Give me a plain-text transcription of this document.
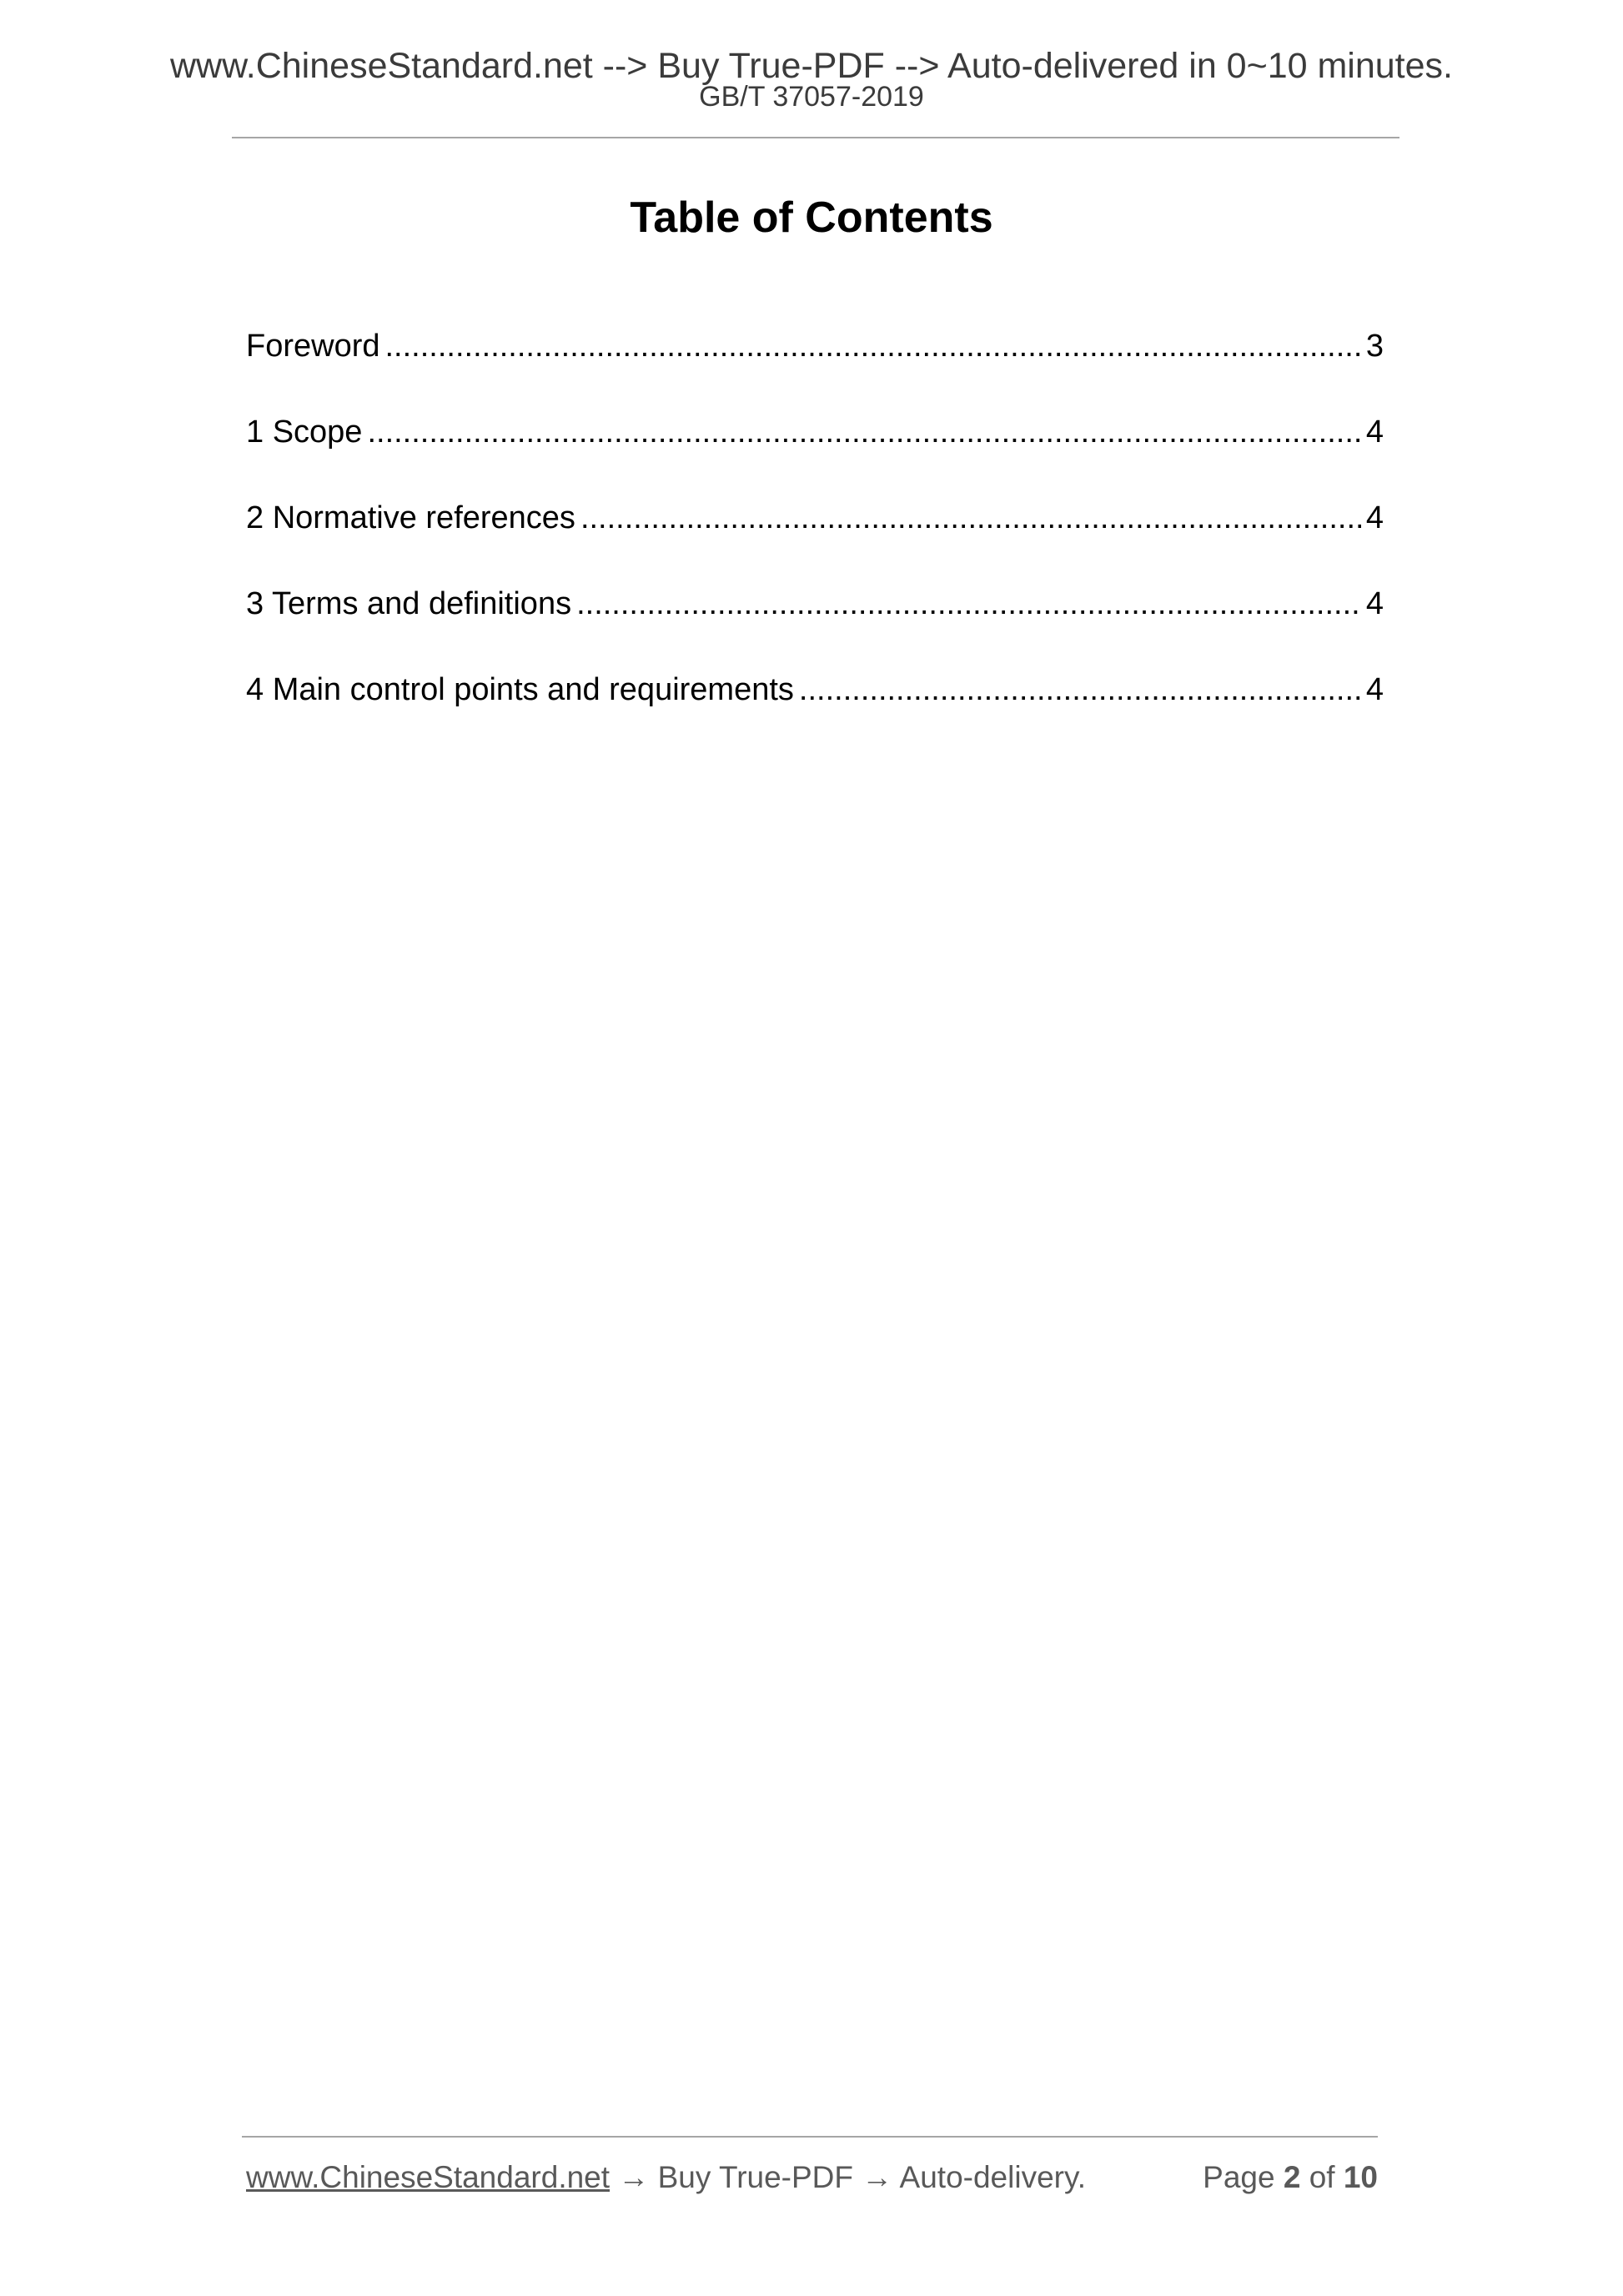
www.ChineseStandard.net --> Buy True-PDF --> Auto-delivered in 0~10 minutes.
GB/T 37057-2019
Table of Contents
Foreword .....	3
1 Scope .....	4
2 Normative references .....	4
3 Terms and definitions .....	4
4 Main control points and requirements .....	4
www.ChineseStandard.net → Buy True-PDF → Auto-delivery.	Page 2 of 10
